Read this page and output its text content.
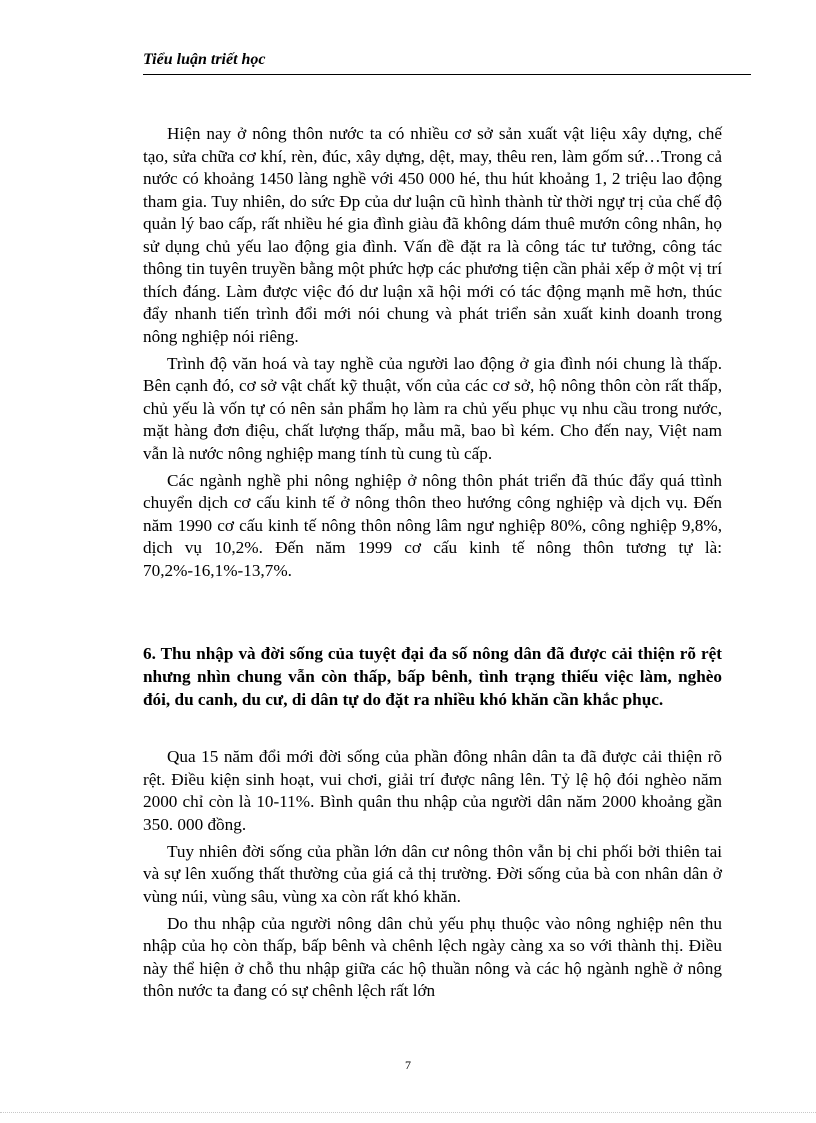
Tiểu luận triết học

Hiện nay ở nông thôn nước ta có nhiều cơ sở sản xuất vật liệu xây dựng, chế tạo, sửa chữa cơ khí, rèn, đúc, xây dựng, dệt, may, thêu ren, làm gốm sứ…Trong cả nước có khoảng 1450 làng nghề với 450 000 hé, thu hút khoảng 1, 2 triệu lao động tham gia. Tuy nhiên, do sức Đp của dư luận cũ hình thành từ thời ngự trị của chế độ quản lý bao cấp, rất nhiều hé gia đình giàu đã không dám thuê mướn công nhân, họ sử dụng chủ yếu lao động gia đình. Vấn đề đặt ra là công tác tư tưởng, công tác thông tin tuyên truyền bằng một phức hợp các phương tiện cần phải xếp ở một vị trí thích đáng. Làm được việc đó dư luận xã hội mới có tác động mạnh mẽ hơn, thúc đẩy nhanh tiến trình đổi mới nói chung và phát triển sản xuất kinh doanh trong nông nghiệp nói riêng.

Trình độ văn hoá và tay nghề của người lao động ở gia đình nói chung là thấp. Bên cạnh đó, cơ sở vật chất kỹ thuật, vốn của các cơ sở, hộ nông thôn còn rất thấp, chủ yếu là vốn tự có nên sản phẩm họ làm ra chủ yếu phục vụ nhu cầu trong nước, mặt hàng đơn điệu, chất lượng thấp, mẫu mã, bao bì kém. Cho đến nay, Việt nam vẫn là nước nông nghiệp mang tính tù cung tù cấp.

Các ngành nghề phi nông nghiệp ở nông thôn phát triển đã thúc đẩy quá ttình chuyển dịch cơ cấu kinh tế ở nông thôn theo hướng công nghiệp và dịch vụ. Đến năm 1990 cơ cấu kinh tế nông thôn nông lâm ngư nghiệp 80%, công nghiệp 9,8%, dịch vụ 10,2%. Đến năm 1999 cơ cấu kinh tế nông thôn tương tự là: 70,2%-16,1%-13,7%.

6. Thu nhập và đời sống của tuyệt đại đa số nông dân đã được cải thiện rõ rệt nhưng nhìn chung vẫn còn thấp, bấp bênh, tình trạng thiếu việc làm, nghèo đói, du canh, du cư, di dân tự do đặt ra nhiều khó khăn cần khắc phục.

Qua 15 năm đổi mới đời sống của phần đông nhân dân ta đã được cải thiện rõ rệt. Điều kiện sinh hoạt, vui chơi, giải trí được nâng lên. Tỷ lệ hộ đói nghèo năm 2000 chỉ còn là 10-11%. Bình quân thu nhập của người dân năm 2000 khoảng gần 350. 000 đồng.

Tuy nhiên đời sống của phần lớn dân cư nông thôn vẫn bị chi phối bởi thiên tai và sự lên xuống thất thường của giá cả thị trường. Đời sống của bà con nhân dân ở vùng núi, vùng sâu, vùng xa còn rất khó khăn.

Do thu nhập của người nông dân chủ yếu phụ thuộc vào nông nghiệp nên thu nhập của họ còn thấp, bấp bênh và chênh lệch ngày càng xa so với thành thị. Điều này thể hiện ở chỗ thu nhập giữa các hộ thuần nông và các hộ ngành nghề ở nông thôn nước ta đang có sự chênh lệch rất lớn

7
